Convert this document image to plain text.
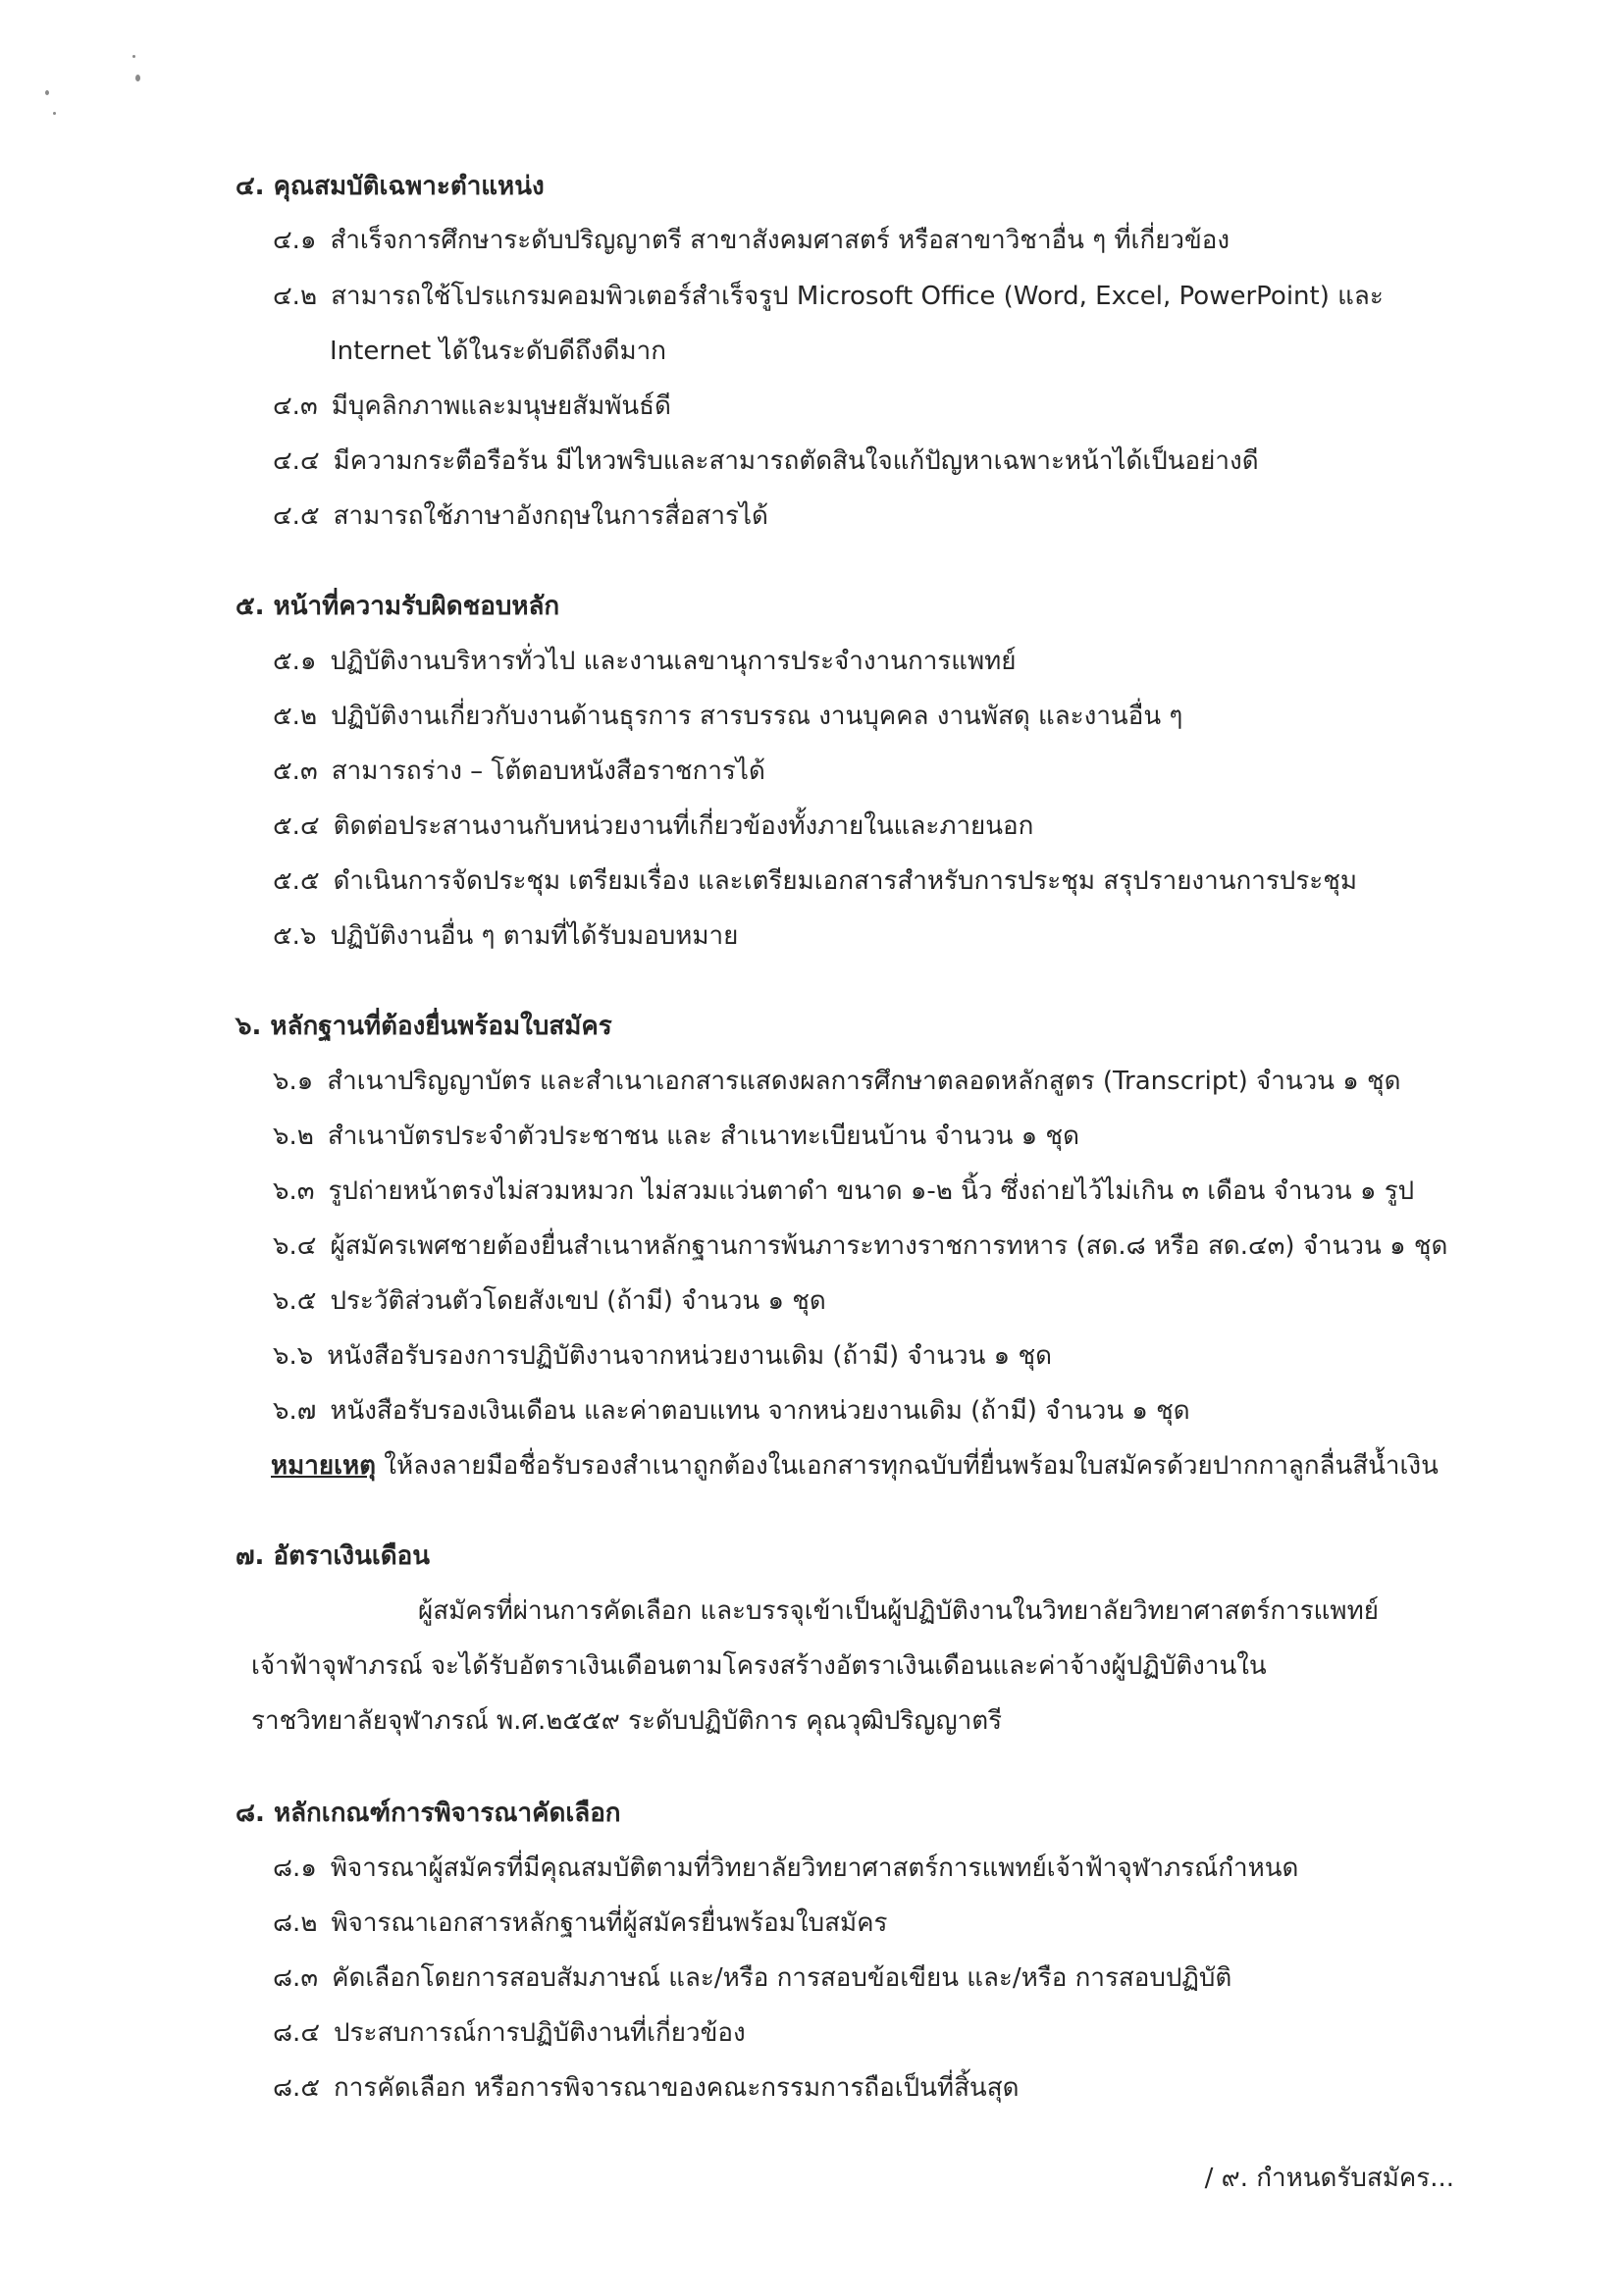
๔. คุณสมบัติเฉพาะตำแหน่ง
๔.๑ สำเร็จการศึกษาระดับปริญญาตรี สาขาสังคมศาสตร์ หรือสาขาวิชาอื่น ๆ ที่เกี่ยวข้อง
๔.๒ สามารถใช้โปรแกรมคอมพิวเตอร์สำเร็จรูป Microsoft Office (Word, Excel, PowerPoint) และ
Internet ได้ในระดับดีถึงดีมาก
๔.๓ มีบุคลิกภาพและมนุษยสัมพันธ์ดี
๔.๔ มีความกระตือรือร้น มีไหวพริบและสามารถตัดสินใจแก้ปัญหาเฉพาะหน้าได้เป็นอย่างดี
๔.๕ สามารถใช้ภาษาอังกฤษในการสื่อสารได้
๕. หน้าที่ความรับผิดชอบหลัก
๕.๑ ปฏิบัติงานบริหารทั่วไป และงานเลขานุการประจำงานการแพทย์
๕.๒ ปฏิบัติงานเกี่ยวกับงานด้านธุรการ สารบรรณ งานบุคคล งานพัสดุ และงานอื่น ๆ
๕.๓ สามารถร่าง – โต้ตอบหนังสือราชการได้
๕.๔ ติดต่อประสานงานกับหน่วยงานที่เกี่ยวข้องทั้งภายในและภายนอก
๕.๕ ดำเนินการจัดประชุม เตรียมเรื่อง และเตรียมเอกสารสำหรับการประชุม สรุปรายงานการประชุม
๕.๖ ปฏิบัติงานอื่น ๆ ตามที่ได้รับมอบหมาย
๖. หลักฐานที่ต้องยื่นพร้อมใบสมัคร
๖.๑ สำเนาปริญญาบัตร และสำเนาเอกสารแสดงผลการศึกษาตลอดหลักสูตร (Transcript) จำนวน ๑ ชุด
๖.๒ สำเนาบัตรประจำตัวประชาชน และ สำเนาทะเบียนบ้าน จำนวน ๑ ชุด
๖.๓ รูปถ่ายหน้าตรงไม่สวมหมวก ไม่สวมแว่นตาดำ ขนาด ๑-๒ นิ้ว ซึ่งถ่ายไว้ไม่เกิน ๓ เดือน จำนวน ๑ รูป
๖.๔ ผู้สมัครเพศชายต้องยื่นสำเนาหลักฐานการพ้นภาระทางราชการทหาร (สด.๘ หรือ สด.๔๓) จำนวน ๑ ชุด
๖.๕ ประวัติส่วนตัวโดยสังเขป (ถ้ามี) จำนวน ๑ ชุด
๖.๖ หนังสือรับรองการปฏิบัติงานจากหน่วยงานเดิม (ถ้ามี) จำนวน ๑ ชุด
๖.๗ หนังสือรับรองเงินเดือน และค่าตอบแทน จากหน่วยงานเดิม (ถ้ามี) จำนวน ๑ ชุด
หมายเหตุ ให้ลงลายมือชื่อรับรองสำเนาถูกต้องในเอกสารทุกฉบับที่ยื่นพร้อมใบสมัครด้วยปากกาลูกลื่นสีน้ำเงิน
๗. อัตราเงินเดือน
ผู้สมัครที่ผ่านการคัดเลือก และบรรจุเข้าเป็นผู้ปฏิบัติงานในวิทยาลัยวิทยาศาสตร์การแพทย์
เจ้าฟ้าจุฬาภรณ์ จะได้รับอัตราเงินเดือนตามโครงสร้างอัตราเงินเดือนและค่าจ้างผู้ปฏิบัติงานใน
ราชวิทยาลัยจุฬาภรณ์ พ.ศ.๒๕๕๙ ระดับปฏิบัติการ คุณวุฒิปริญญาตรี
๘. หลักเกณฑ์การพิจารณาคัดเลือก
๘.๑ พิจารณาผู้สมัครที่มีคุณสมบัติตามที่วิทยาลัยวิทยาศาสตร์การแพทย์เจ้าฟ้าจุฬาภรณ์กำหนด
๘.๒ พิจารณาเอกสารหลักฐานที่ผู้สมัครยื่นพร้อมใบสมัคร
๘.๓ คัดเลือกโดยการสอบสัมภาษณ์ และ/หรือ การสอบข้อเขียน และ/หรือ การสอบปฏิบัติ
๘.๔ ประสบการณ์การปฏิบัติงานที่เกี่ยวข้อง
๘.๕ การคัดเลือก หรือการพิจารณาของคณะกรรมการถือเป็นที่สิ้นสุด
/ ๙. กำหนดรับสมัคร...
